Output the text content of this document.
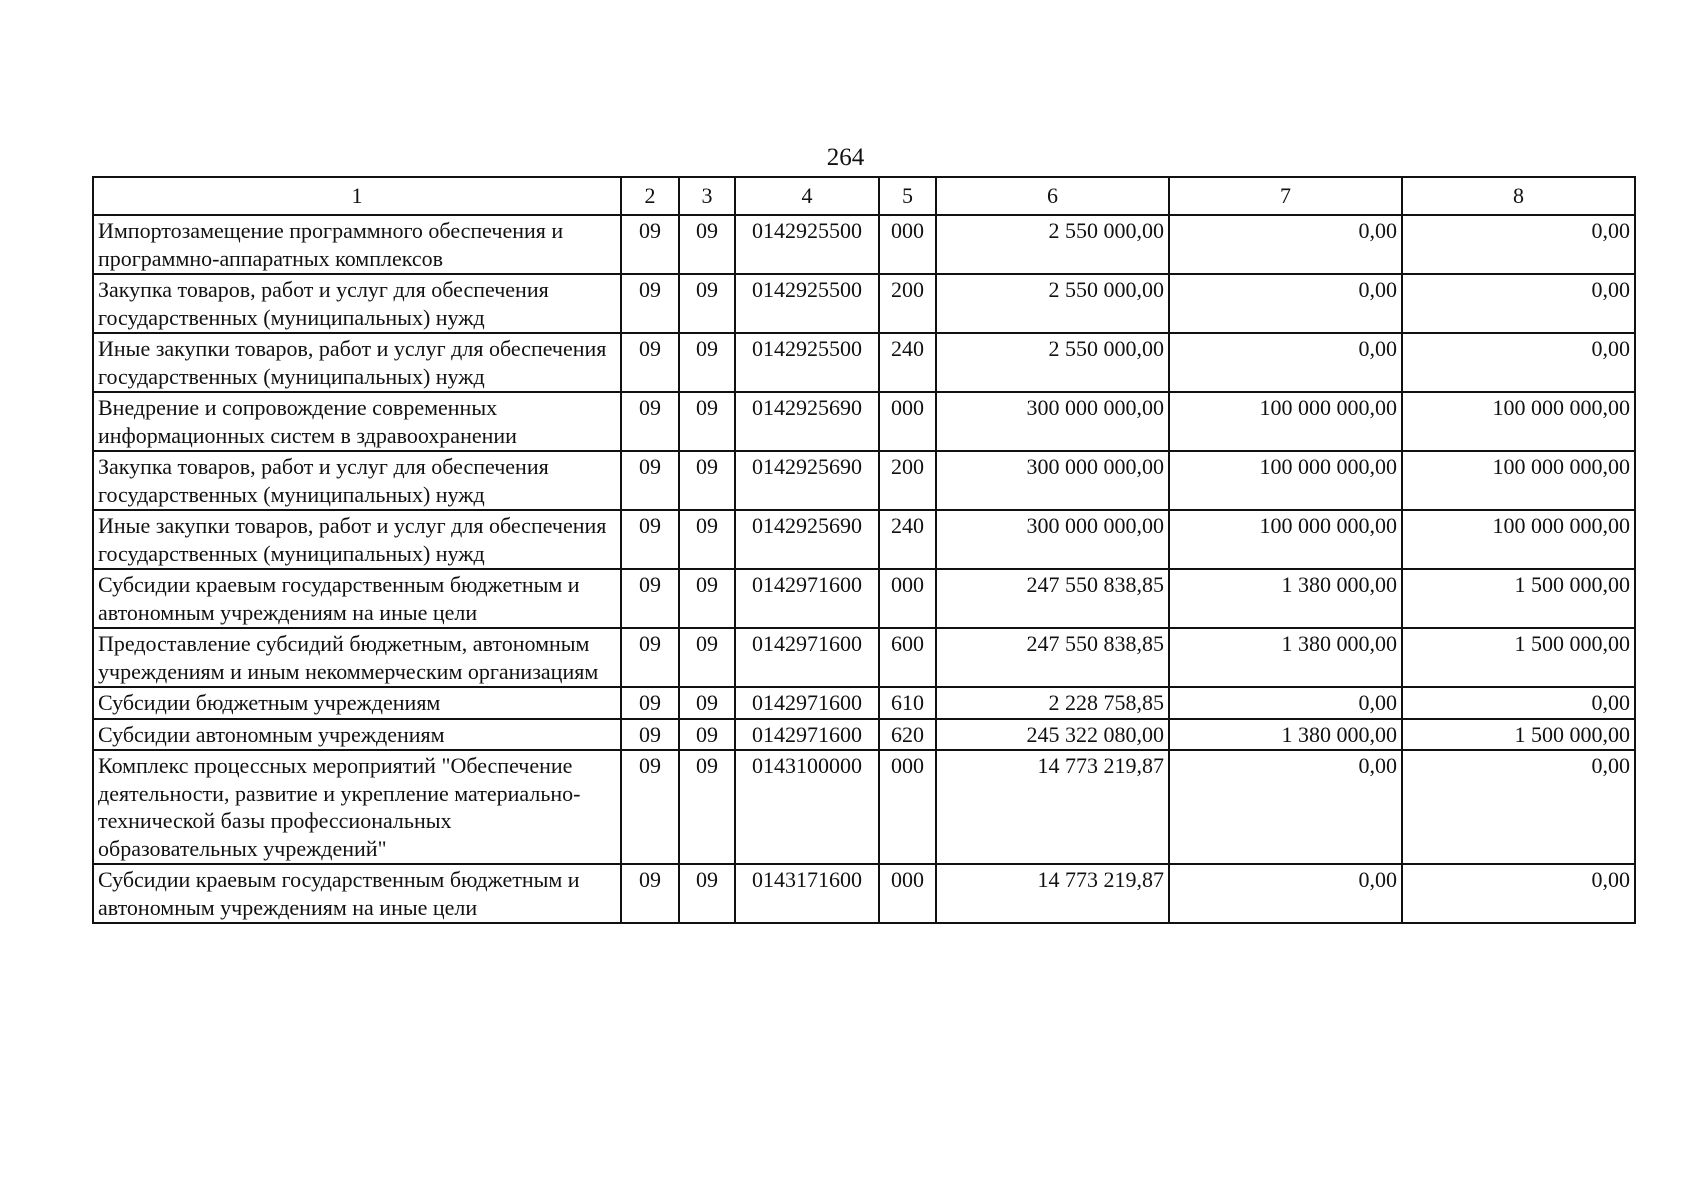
264
1	2	3	4	5	6	7	8
Импортозамещение программного обеспечения и программно-аппаратных комплексов	09	09	0142925500	000	2 550 000,00	0,00	0,00
Закупка товаров, работ и услуг для обеспечения государственных (муниципальных) нужд	09	09	0142925500	200	2 550 000,00	0,00	0,00
Иные закупки товаров, работ и услуг для обеспечения государственных (муниципальных) нужд	09	09	0142925500	240	2 550 000,00	0,00	0,00
Внедрение и сопровождение современных информационных систем в здравоохранении	09	09	0142925690	000	300 000 000,00	100 000 000,00	100 000 000,00
Закупка товаров, работ и услуг для обеспечения государственных (муниципальных) нужд	09	09	0142925690	200	300 000 000,00	100 000 000,00	100 000 000,00
Иные закупки товаров, работ и услуг для обеспечения государственных (муниципальных) нужд	09	09	0142925690	240	300 000 000,00	100 000 000,00	100 000 000,00
Субсидии краевым государственным бюджетным и автономным учреждениям на иные цели	09	09	0142971600	000	247 550 838,85	1 380 000,00	1 500 000,00
Предоставление субсидий бюджетным, автономным учреждениям и иным некоммерческим организациям	09	09	0142971600	600	247 550 838,85	1 380 000,00	1 500 000,00
Субсидии бюджетным учреждениям	09	09	0142971600	610	2 228 758,85	0,00	0,00
Субсидии автономным учреждениям	09	09	0142971600	620	245 322 080,00	1 380 000,00	1 500 000,00
Комплекс процессных мероприятий "Обеспечение деятельности, развитие и укрепление материально-технической базы профессиональных образовательных учреждений"	09	09	0143100000	000	14 773 219,87	0,00	0,00
Субсидии краевым государственным бюджетным и автономным учреждениям на иные цели	09	09	0143171600	000	14 773 219,87	0,00	0,00
